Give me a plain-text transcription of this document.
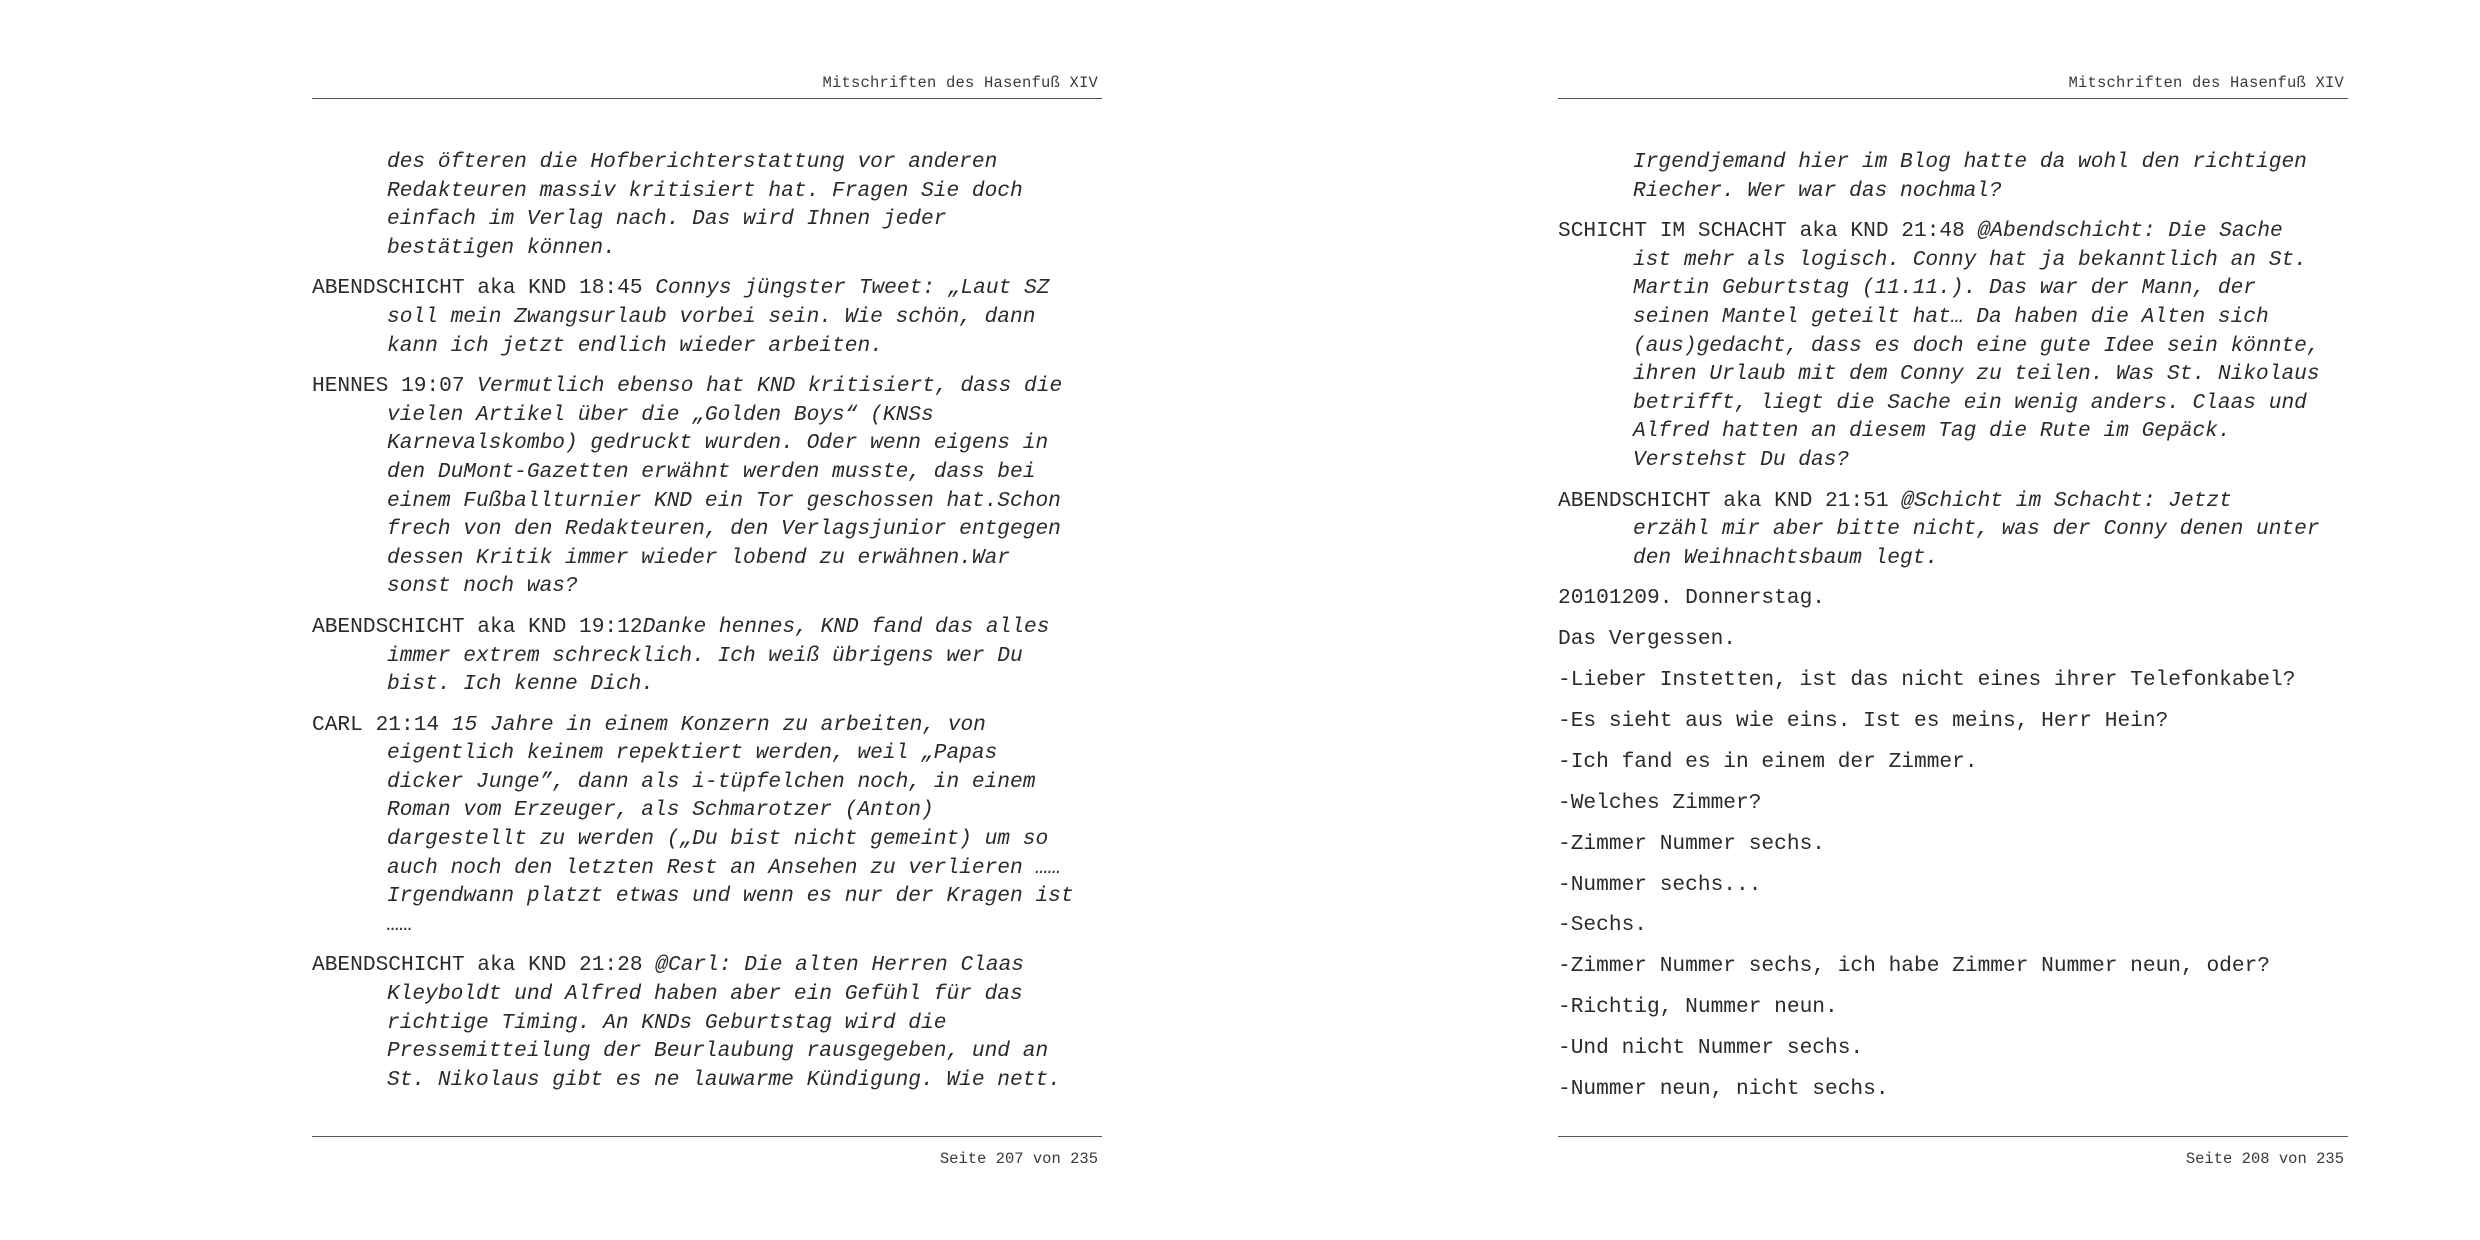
Mitschriften des Hasenfuß XIV

des öfteren die Hofberichterstattung vor anderen
Redakteuren massiv kritisiert hat. Fragen Sie doch
einfach im Verlag nach. Das wird Ihnen jeder
bestätigen können.

ABENDSCHICHT aka KND 18:45 Connys jüngster Tweet: „Laut SZ
soll mein Zwangsurlaub vorbei sein. Wie schön, dann
kann ich jetzt endlich wieder arbeiten.

HENNES 19:07 Vermutlich ebenso hat KND kritisiert, dass die
vielen Artikel über die „Golden Boys“ (KNSs
Karnevalskombo) gedruckt wurden. Oder wenn eigens in
den DuMont-Gazetten erwähnt werden musste, dass bei
einem Fußballturnier KND ein Tor geschossen hat.Schon
frech von den Redakteuren, den Verlagsjunior entgegen
dessen Kritik immer wieder lobend zu erwähnen.War
sonst noch was?

ABENDSCHICHT aka KND 19:12Danke hennes, KND fand das alles
immer extrem schrecklich. Ich weiß übrigens wer Du
bist. Ich kenne Dich.

CARL 21:14 15 Jahre in einem Konzern zu arbeiten, von
eigentlich keinem repektiert werden, weil „Papas
dicker Junge”, dann als i-tüpfelchen noch, in einem
Roman vom Erzeuger, als Schmarotzer (Anton)
dargestellt zu werden („Du bist nicht gemeint) um so
auch noch den letzten Rest an Ansehen zu verlieren ……
Irgendwann platzt etwas und wenn es nur der Kragen ist
……

ABENDSCHICHT aka KND 21:28 @Carl: Die alten Herren Claas
Kleyboldt und Alfred haben aber ein Gefühl für das
richtige Timing. An KNDs Geburtstag wird die
Pressemitteilung der Beurlaubung rausgegeben, und an
St. Nikolaus gibt es ne lauwarme Kündigung. Wie nett.

Seite 207 von 235
Mitschriften des Hasenfuß XIV

Irgendjemand hier im Blog hatte da wohl den richtigen
Riecher. Wer war das nochmal?

SCHICHT IM SCHACHT aka KND 21:48 @Abendschicht: Die Sache
ist mehr als logisch. Conny hat ja bekanntlich an St.
Martin Geburtstag (11.11.). Das war der Mann, der
seinen Mantel geteilt hat… Da haben die Alten sich
(aus)gedacht, dass es doch eine gute Idee sein könnte,
ihren Urlaub mit dem Conny zu teilen. Was St. Nikolaus
betrifft, liegt die Sache ein wenig anders. Claas und
Alfred hatten an diesem Tag die Rute im Gepäck.
Verstehst Du das?

ABENDSCHICHT aka KND 21:51 @Schicht im Schacht: Jetzt
erzähl mir aber bitte nicht, was der Conny denen unter
den Weihnachtsbaum legt.

20101209. Donnerstag.

Das Vergessen.

-Lieber Instetten, ist das nicht eines ihrer Telefonkabel?

-Es sieht aus wie eins. Ist es meins, Herr Hein?

-Ich fand es in einem der Zimmer.

-Welches Zimmer?

-Zimmer Nummer sechs.

-Nummer sechs...

-Sechs.

-Zimmer Nummer sechs, ich habe Zimmer Nummer neun, oder?

-Richtig, Nummer neun.

-Und nicht Nummer sechs.

-Nummer neun, nicht sechs.

Seite 208 von 235
